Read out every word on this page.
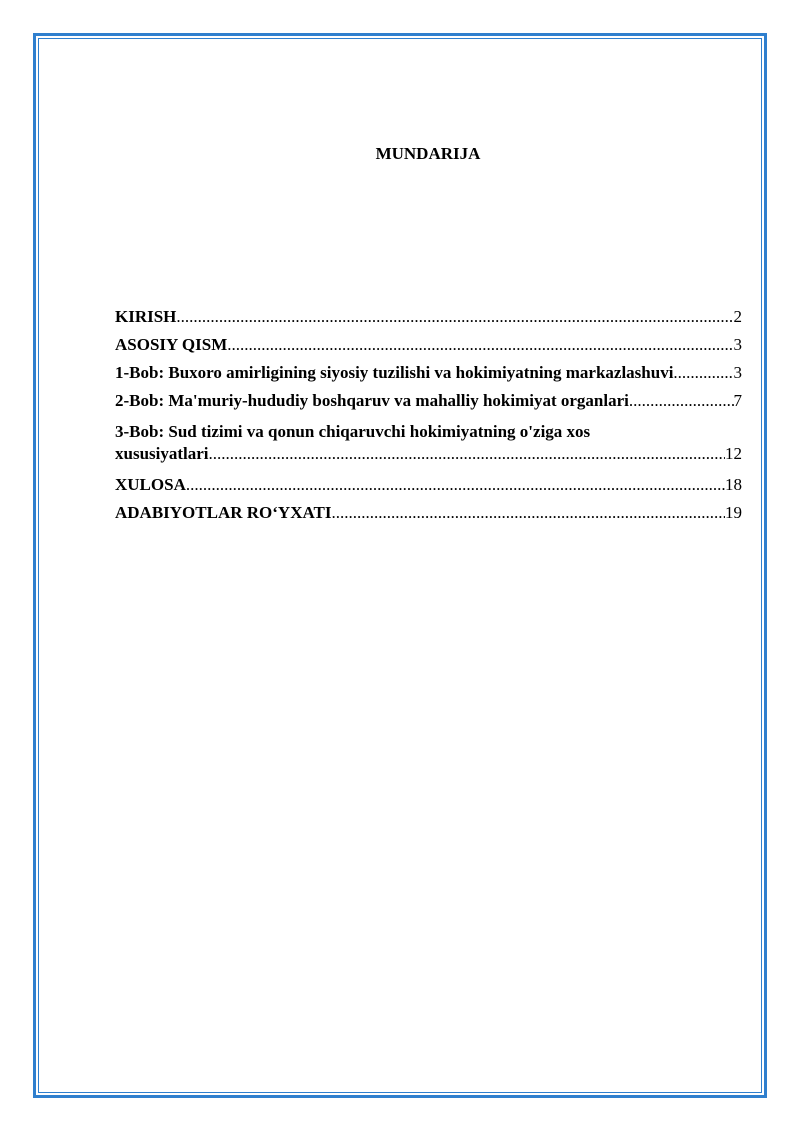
MUNDARIJA
KIRISH .....	2
ASOSIY QISM .....	3
1-Bob: Buxoro amirligining siyosiy tuzilishi va hokimiyatning markazlashuvi .....	3
2-Bob: Ma'muriy-hududiy boshqaruv va mahalliy hokimiyat organlari .....	7
3-Bob: Sud tizimi va qonun chiqaruvchi hokimiyatning o'ziga xos
xususiyatlari .....	12
XULOSA .....	18
ADABIYOTLAR RO‘YXATI .....	19
